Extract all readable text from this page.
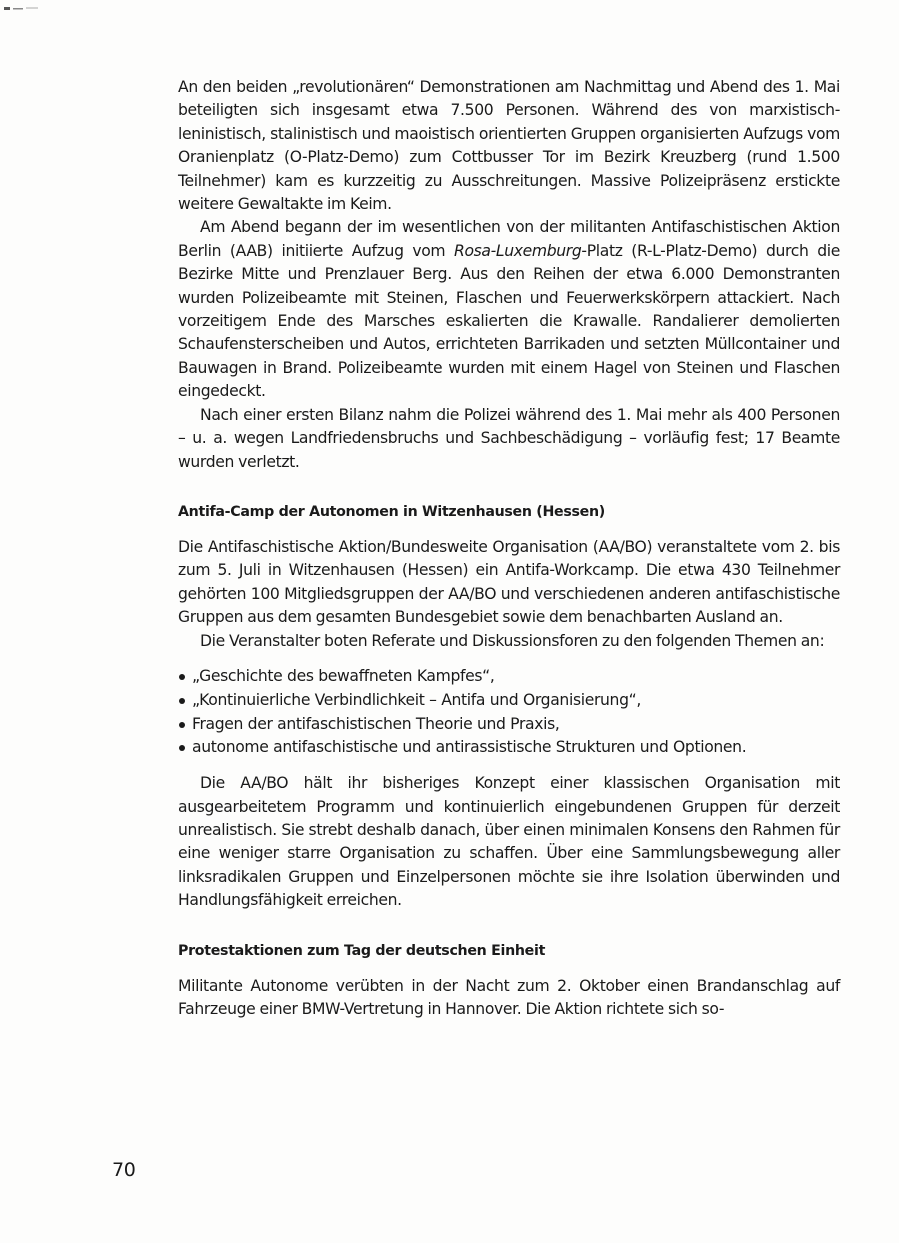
An den beiden „revolutionären“ Demonstrationen am Nachmittag und Abend des 1. Mai beteiligten sich insgesamt etwa 7.500 Personen. Während des von marxistisch-leninistisch, stalinistisch und maoistisch orientierten Gruppen organisierten Aufzugs vom Oranienplatz (O-Platz-Demo) zum Cottbusser Tor im Bezirk Kreuzberg (rund 1.500 Teilnehmer) kam es kurzzeitig zu Ausschreitungen. Massive Polizeipräsenz erstickte weitere Gewaltakte im Keim.

Am Abend begann der im wesentlichen von der militanten Antifaschistischen Aktion Berlin (AAB) initiierte Aufzug vom Rosa-Luxemburg-Platz (R-L-Platz-Demo) durch die Bezirke Mitte und Prenzlauer Berg. Aus den Reihen der etwa 6.000 Demonstranten wurden Polizeibeamte mit Steinen, Flaschen und Feuerwerkskörpern attackiert. Nach vorzeitigem Ende des Marsches eskalierten die Krawalle. Randalierer demolierten Schaufensterscheiben und Autos, errichteten Barrikaden und setzten Müllcontainer und Bauwagen in Brand. Polizeibeamte wurden mit einem Hagel von Steinen und Flaschen eingedeckt.

Nach einer ersten Bilanz nahm die Polizei während des 1. Mai mehr als 400 Personen – u. a. wegen Landfriedensbruchs und Sachbeschädigung – vorläufig fest; 17 Beamte wurden verletzt.

Antifa-Camp der Autonomen in Witzenhausen (Hessen)

Die Antifaschistische Aktion/Bundesweite Organisation (AA/BO) veranstaltete vom 2. bis zum 5. Juli in Witzenhausen (Hessen) ein Antifa-Workcamp. Die etwa 430 Teilnehmer gehörten 100 Mitgliedsgruppen der AA/BO und verschiedenen anderen antifaschistische Gruppen aus dem gesamten Bundesgebiet sowie dem benachbarten Ausland an.

Die Veranstalter boten Referate und Diskussionsforen zu den folgenden Themen an:

„Geschichte des bewaffneten Kampfes“,
„Kontinuierliche Verbindlichkeit – Antifa und Organisierung“,
Fragen der antifaschistischen Theorie und Praxis,
autonome antifaschistische und antirassistische Strukturen und Optionen.

Die AA/BO hält ihr bisheriges Konzept einer klassischen Organisation mit ausgearbeitetem Programm und kontinuierlich eingebundenen Gruppen für derzeit unrealistisch. Sie strebt deshalb danach, über einen minimalen Konsens den Rahmen für eine weniger starre Organisation zu schaffen. Über eine Sammlungsbewegung aller linksradikalen Gruppen und Einzelpersonen möchte sie ihre Isolation überwinden und Handlungsfähigkeit erreichen.

Protestaktionen zum Tag der deutschen Einheit

Militante Autonome verübten in der Nacht zum 2. Oktober einen Brandanschlag auf Fahrzeuge einer BMW-Vertretung in Hannover. Die Aktion richtete sich so-

70
